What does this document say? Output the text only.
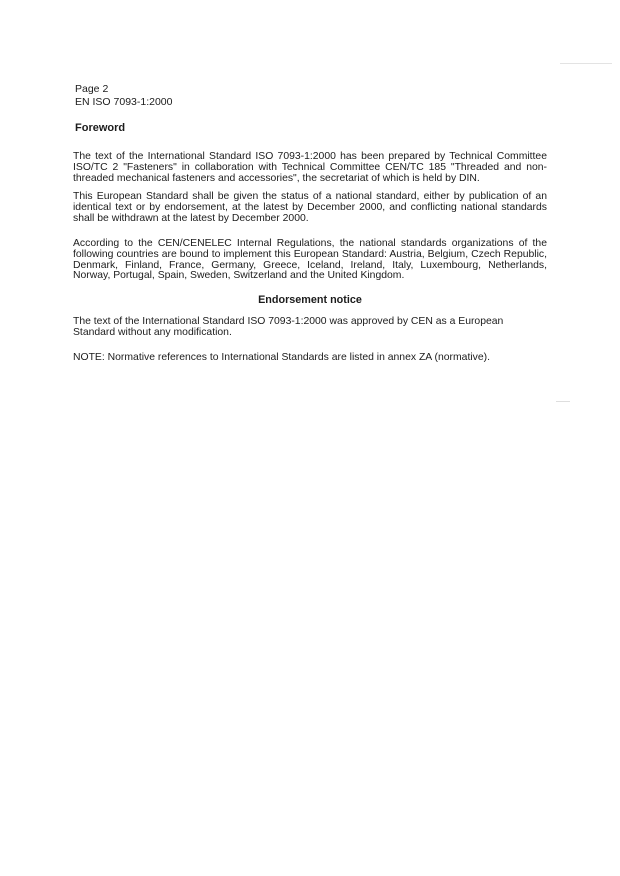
Page 2
EN ISO 7093-1:2000
Foreword

The text of the International Standard ISO 7093-1:2000 has been prepared by Technical Committee ISO/TC 2 "Fasteners" in collaboration with Technical Committee CEN/TC 185 "Threaded and non-threaded mechanical fasteners and accessories", the secretariat of which is held by DIN.

This European Standard shall be given the status of a national standard, either by publication of an identical text or by endorsement, at the latest by December 2000, and conflicting national standards shall be withdrawn at the latest by December 2000.

According to the CEN/CENELEC Internal Regulations, the national standards organizations of the following countries are bound to implement this European Standard: Austria, Belgium, Czech Republic, Denmark, Finland, France, Germany, Greece, Iceland, Ireland, Italy, Luxembourg, Netherlands, Norway, Portugal, Spain, Sweden, Switzerland and the United Kingdom.

Endorsement notice

The text of the International Standard ISO 7093-1:2000 was approved by CEN as a European Standard without any modification.

NOTE: Normative references to International Standards are listed in annex ZA (normative).
